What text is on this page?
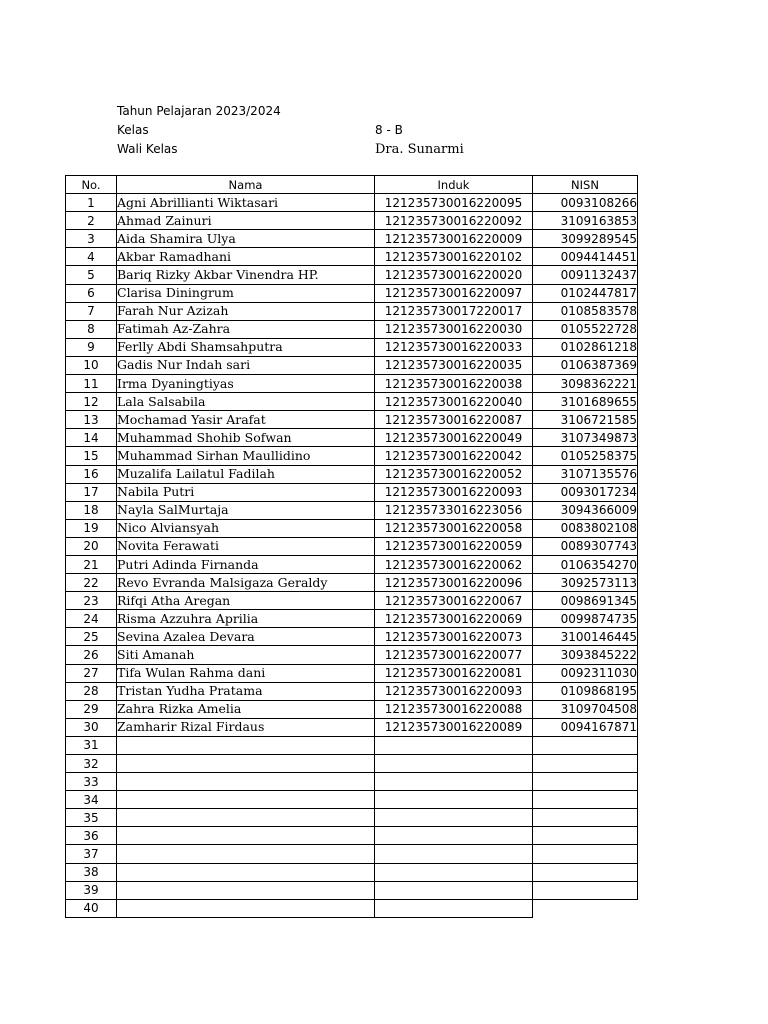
Tahun Pelajaran 2023/2024
Kelas	8 - B
Wali Kelas	Dra. Sunarmi
No.	Nama	Induk	NISN
1	Agni Abrillianti Wiktasari	121235730016220095	0093108266
2	Ahmad Zainuri	121235730016220092	3109163853
3	Aida Shamira Ulya	121235730016220009	3099289545
4	Akbar Ramadhani	121235730016220102	0094414451
5	Bariq Rizky Akbar Vinendra HP.	121235730016220020	0091132437
6	Clarisa Diningrum	121235730016220097	0102447817
7	Farah Nur Azizah	121235730017220017	0108583578
8	Fatimah Az-Zahra	121235730016220030	0105522728
9	Ferlly Abdi Shamsahputra	121235730016220033	0102861218
10	Gadis Nur Indah sari	121235730016220035	0106387369
11	Irma Dyaningtiyas	121235730016220038	3098362221
12	Lala Salsabila	121235730016220040	3101689655
13	Mochamad Yasir Arafat	121235730016220087	3106721585
14	Muhammad Shohib Sofwan	121235730016220049	3107349873
15	Muhammad Sirhan Maullidino	121235730016220042	0105258375
16	Muzalifa Lailatul Fadilah	121235730016220052	3107135576
17	Nabila Putri	121235730016220093	0093017234
18	Nayla SalMurtaja	121235733016223056	3094366009
19	Nico Alviansyah	121235730016220058	0083802108
20	Novita Ferawati	121235730016220059	0089307743
21	Putri Adinda Firnanda	121235730016220062	0106354270
22	Revo Evranda Malsigaza Geraldy	121235730016220096	3092573113
23	Rifqi Atha Aregan	121235730016220067	0098691345
24	Risma Azzuhra Aprilia	121235730016220069	0099874735
25	Sevina Azalea Devara	121235730016220073	3100146445
26	Siti Amanah	121235730016220077	3093845222
27	Tifa Wulan Rahma dani	121235730016220081	0092311030
28	Tristan Yudha Pratama	121235730016220093	0109868195
29	Zahra Rizka Amelia	121235730016220088	3109704508
30	Zamharir Rizal Firdaus	121235730016220089	0094167871
31			
32			
33			
34			
35			
36			
37			
38			
39			
40			
